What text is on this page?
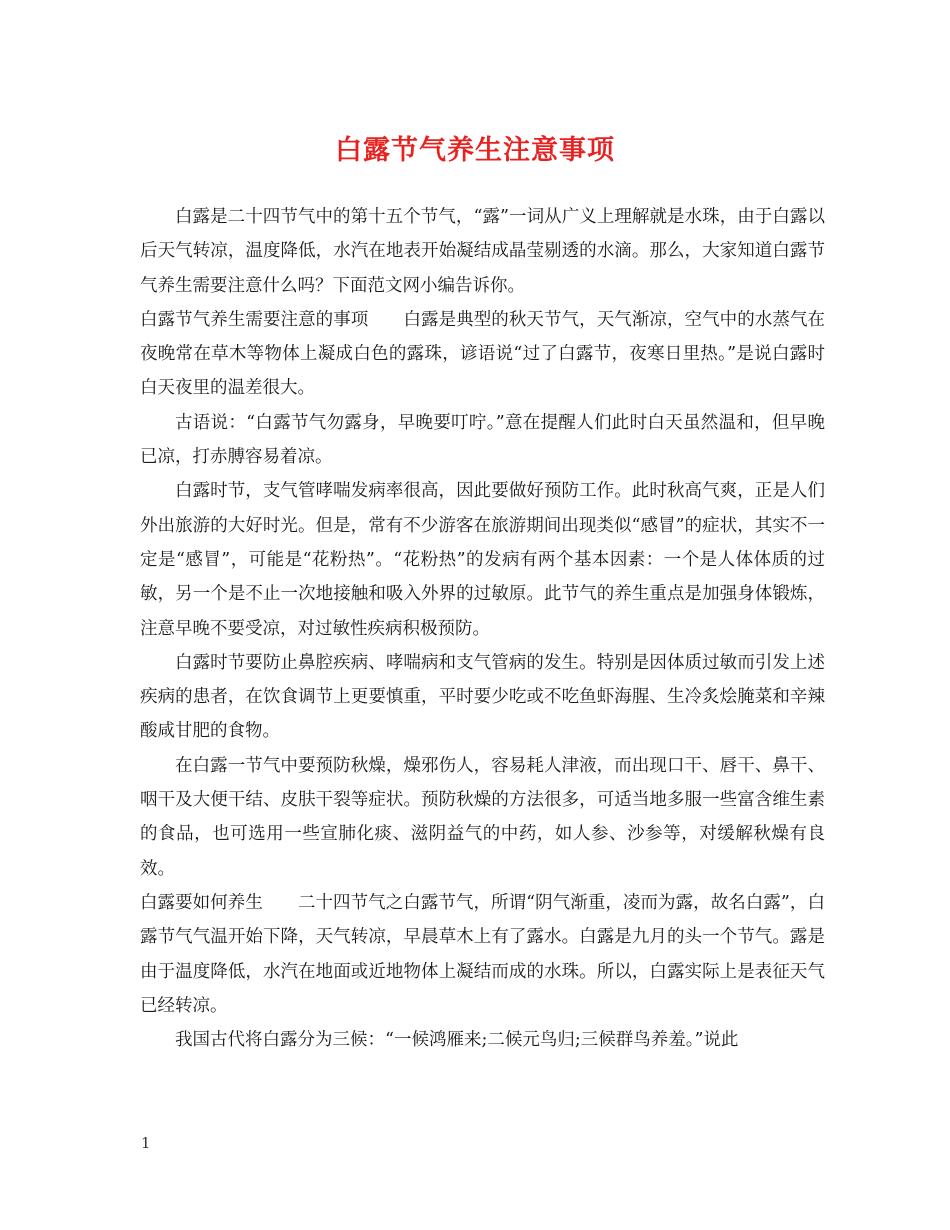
白露节气养生注意事项

白露是二十四节气中的第十五个节气，“露”一词从广义上理解就是水珠，由于白露以后天气转凉，温度降低，水汽在地表开始凝结成晶莹剔透的水滴。那么，大家知道白露节气养生需要注意什么吗？下面范文网小编告诉你。

白露节气养生需要注意的事项 白露是典型的秋天节气，天气渐凉，空气中的水蒸气在夜晚常在草木等物体上凝成白色的露珠，谚语说“过了白露节，夜寒日里热。”是说白露时白天夜里的温差很大。

古语说：“白露节气勿露身，早晚要叮咛。”意在提醒人们此时白天虽然温和，但早晚已凉，打赤膊容易着凉。

白露时节，支气管哮喘发病率很高，因此要做好预防工作。此时秋高气爽，正是人们外出旅游的大好时光。但是，常有不少游客在旅游期间出现类似“感冒”的症状，其实不一定是“感冒”，可能是“花粉热”。“花粉热”的发病有两个基本因素：一个是人体体质的过敏，另一个是不止一次地接触和吸入外界的过敏原。此节气的养生重点是加强身体锻炼，注意早晚不要受凉，对过敏性疾病积极预防。

白露时节要防止鼻腔疾病、哮喘病和支气管病的发生。特别是因体质过敏而引发上述疾病的患者，在饮食调节上更要慎重，平时要少吃或不吃鱼虾海腥、生冷炙烩腌菜和辛辣酸咸甘肥的食物。

在白露一节气中要预防秋燥，燥邪伤人，容易耗人津液，而出现口干、唇干、鼻干、咽干及大便干结、皮肤干裂等症状。预防秋燥的方法很多，可适当地多服一些富含维生素的食品，也可选用一些宣肺化痰、滋阴益气的中药，如人参、沙参等，对缓解秋燥有良效。

白露要如何养生 二十四节气之白露节气，所谓“阴气渐重，凌而为露，故名白露”，白露节气气温开始下降，天气转凉，早晨草木上有了露水。白露是九月的头一个节气。露是由于温度降低，水汽在地面或近地物体上凝结而成的水珠。所以，白露实际上是表征天气已经转凉。

我国古代将白露分为三候：“一候鸿雁来;二候元鸟归;三候群鸟养羞。”说此

1
